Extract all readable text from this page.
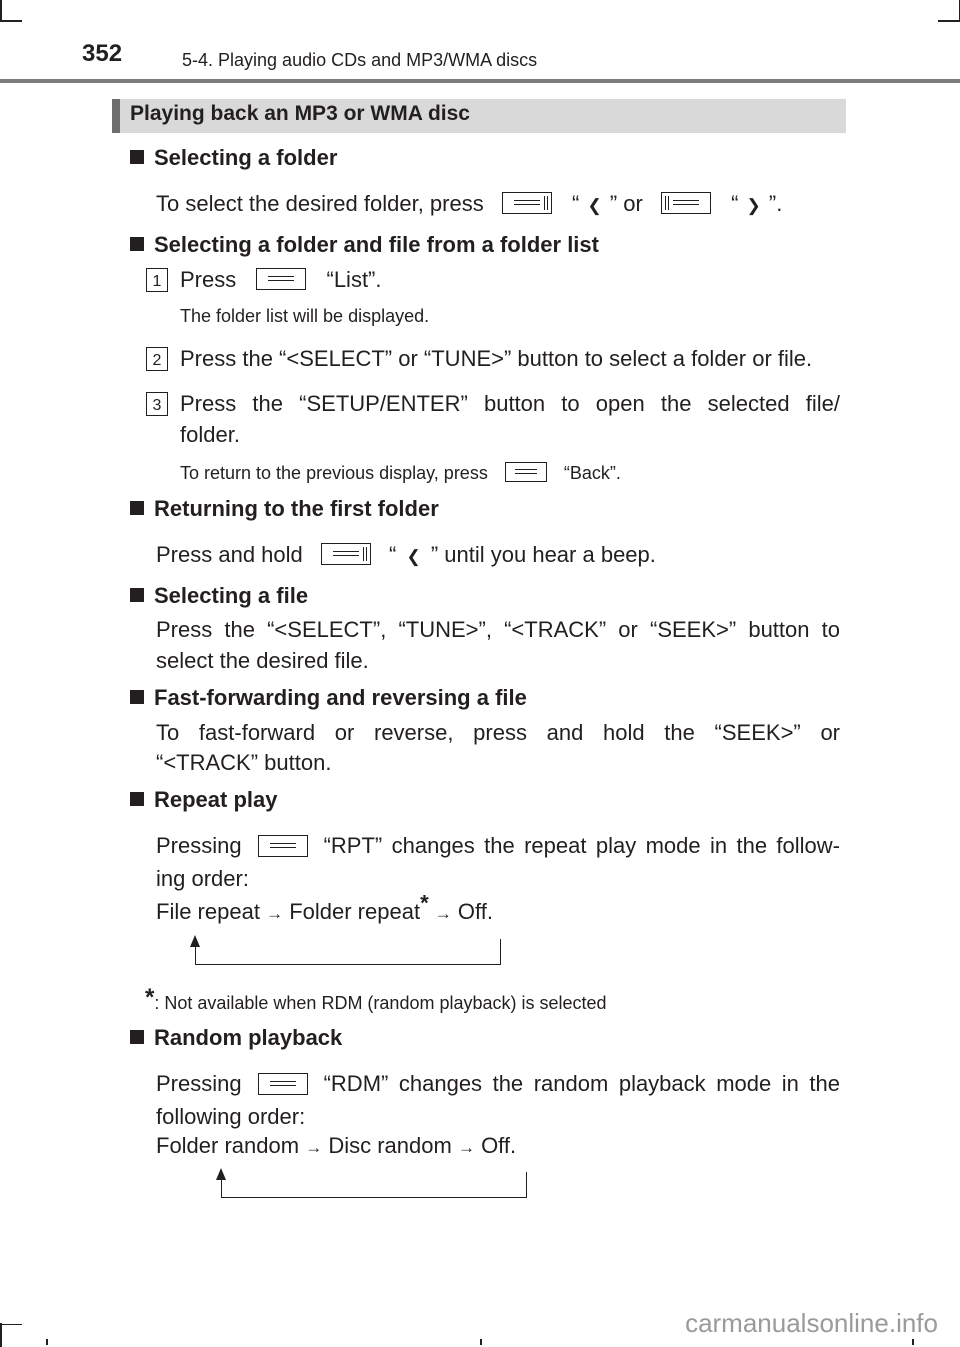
352	5-4. Playing audio CDs and MP3/WMA discs
Playing back an MP3 or WMA disc
Selecting a folder
To select the desired folder, press	“ ❮ ” or	“ ❯ ”.
Selecting a folder and file from a folder list
1 Press	“List”.
The folder list will be displayed.
2 Press the “<SELECT” or “TUNE>” button to select a folder or file.
3 Press the “SETUP/ENTER” button to open the selected file/
folder.
To return to the previous display, press	“Back”.
Returning to the first folder
Press and hold	“ ❮ ” until you hear a beep.
Selecting a file
Press the “<SELECT”, “TUNE>”, “<TRACK” or “SEEK>” button to
select the desired file.
Fast-forwarding and reversing a file
To fast-forward or reverse, press and hold the “SEEK>” or
“<TRACK” button.
Repeat play
Pressing	“RPT” changes the repeat play mode in the follow-
ing order:
File repeat → Folder repeat* → Off.
*: Not available when RDM (random playback) is selected
Random playback
Pressing	“RDM” changes the random playback mode in the
following order:
Folder random → Disc random → Off.
carmanualsonline.info
